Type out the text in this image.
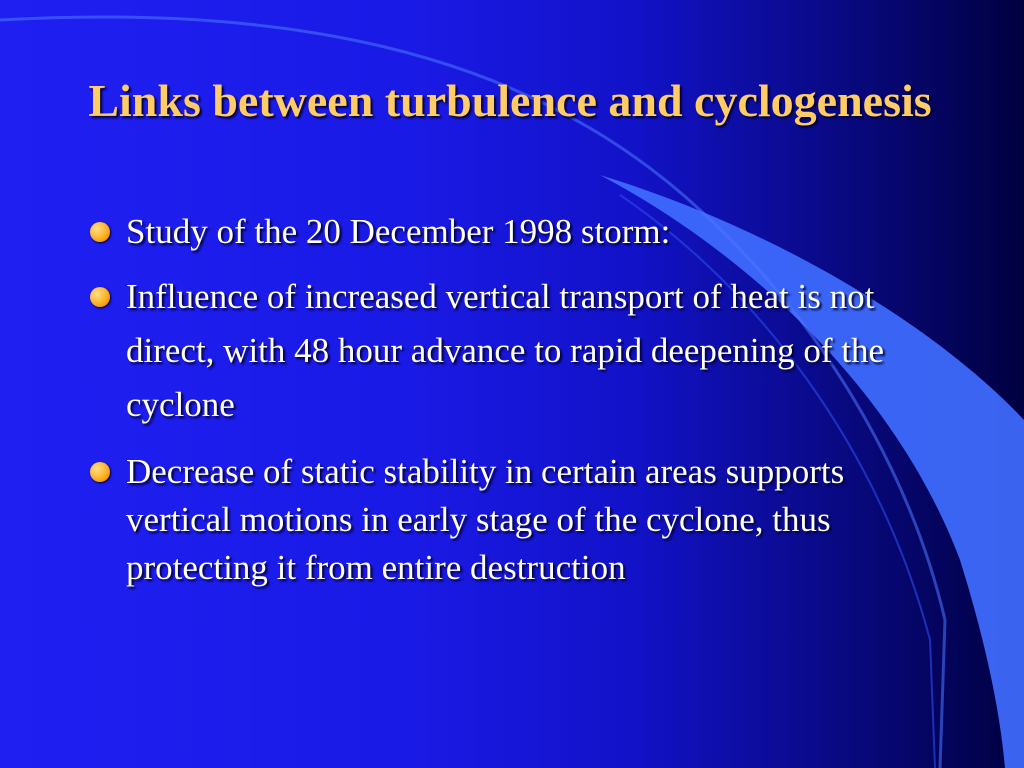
Links between turbulence and cyclogenesis
Study of the 20 December 1998 storm:
Influence of increased vertical transport of heat is not direct, with 48 hour advance to rapid deepening of the cyclone
Decrease of static stability in certain areas supports vertical motions in early stage of the cyclone, thus protecting it from entire destruction
